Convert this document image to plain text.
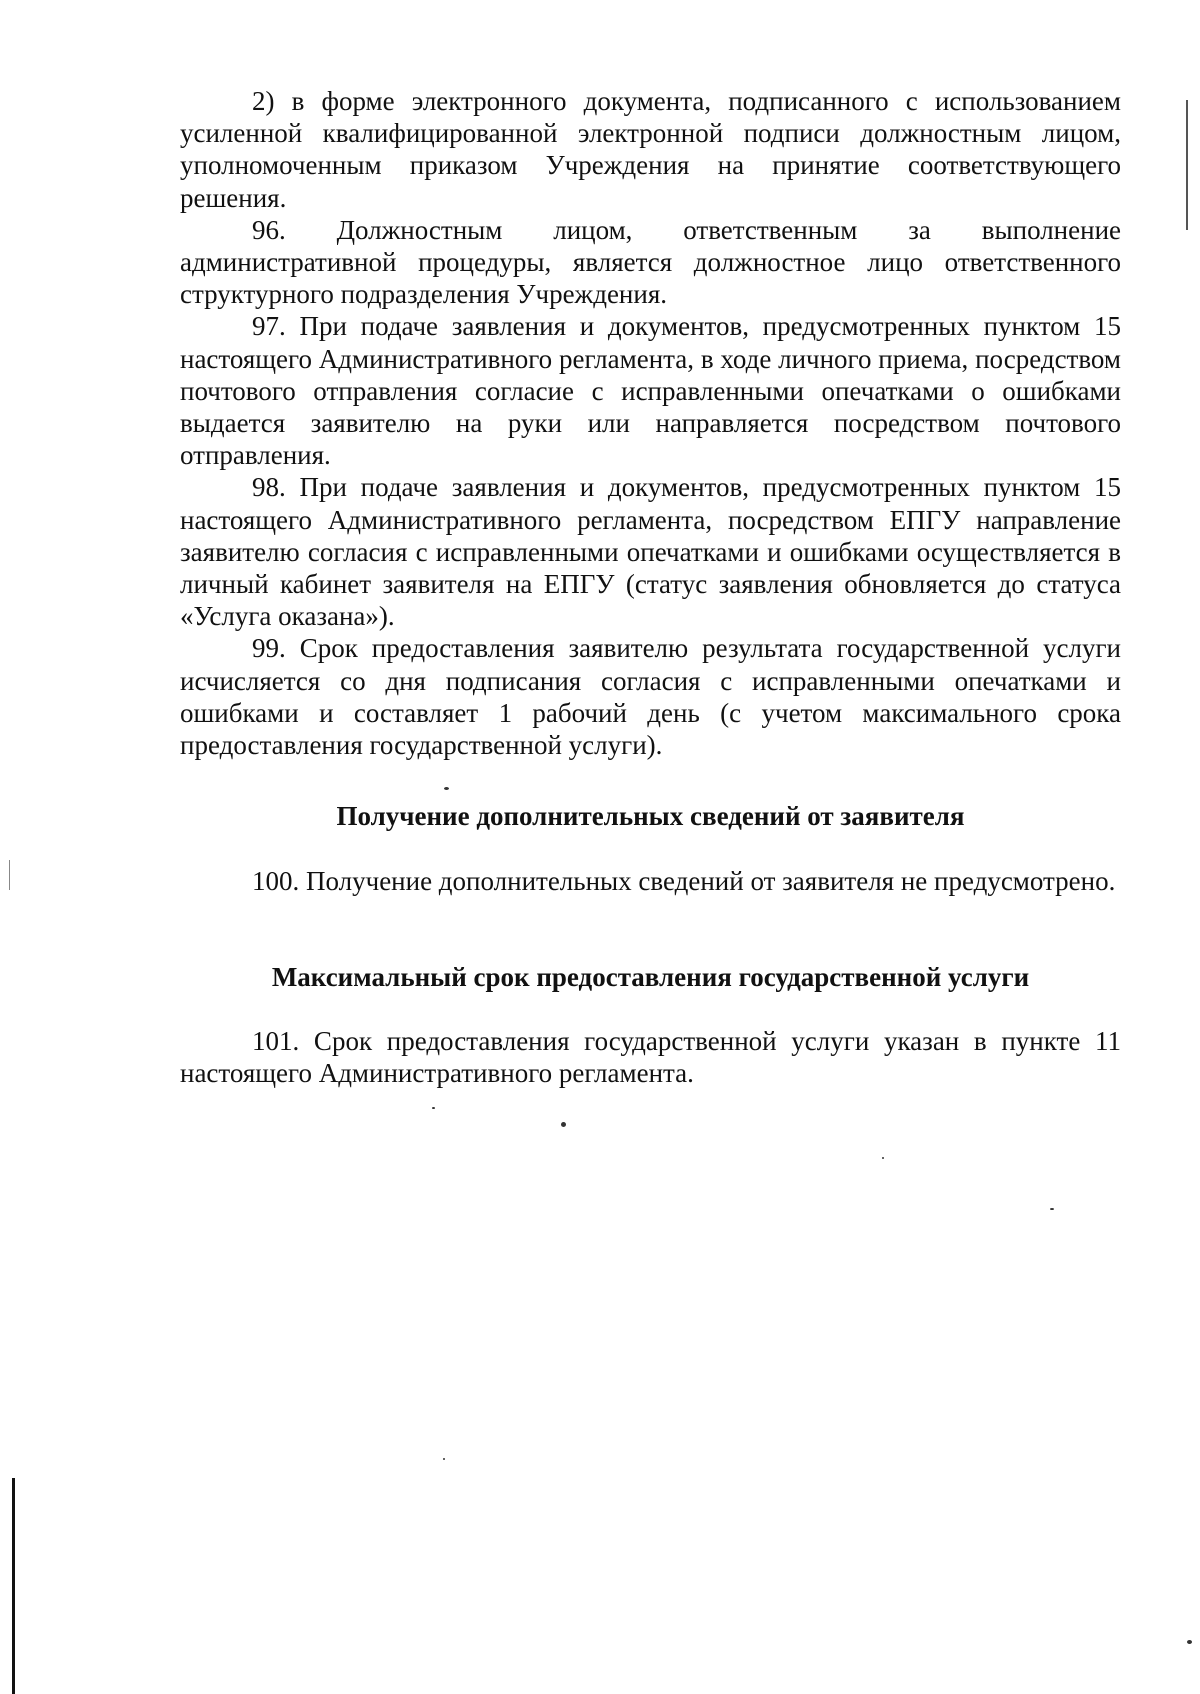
2) в форме электронного документа, подписанного с использованием усиленной квалифицированной электронной подписи должностным лицом, уполномоченным приказом Учреждения на принятие соответствующего решения.

96. Должностным лицом, ответственным за выполнение административной процедуры, является должностное лицо ответственного структурного подразделения Учреждения.

97. При подаче заявления и документов, предусмотренных пунктом 15 настоящего Административного регламента, в ходе личного приема, посредством почтового отправления согласие с исправленными опечатками о ошибками выдается заявителю на руки или направляется посредством почтового отправления.

98. При подаче заявления и документов, предусмотренных пунктом 15 настоящего Административного регламента, посредством ЕПГУ направление заявителю согласия с исправленными опечатками и ошибками осуществляется в личный кабинет заявителя на ЕПГУ (статус заявления обновляется до статуса «Услуга оказана»).

99. Срок предоставления заявителю результата государственной услуги исчисляется со дня подписания согласия с исправленными опечатками и ошибками и составляет 1 рабочий день (с учетом максимального срока предоставления государственной услуги).

Получение дополнительных сведений от заявителя

100. Получение дополнительных сведений от заявителя не предусмотрено.

Максимальный срок предоставления государственной услуги

101. Срок предоставления государственной услуги указан в пункте 11 настоящего Административного регламента.
